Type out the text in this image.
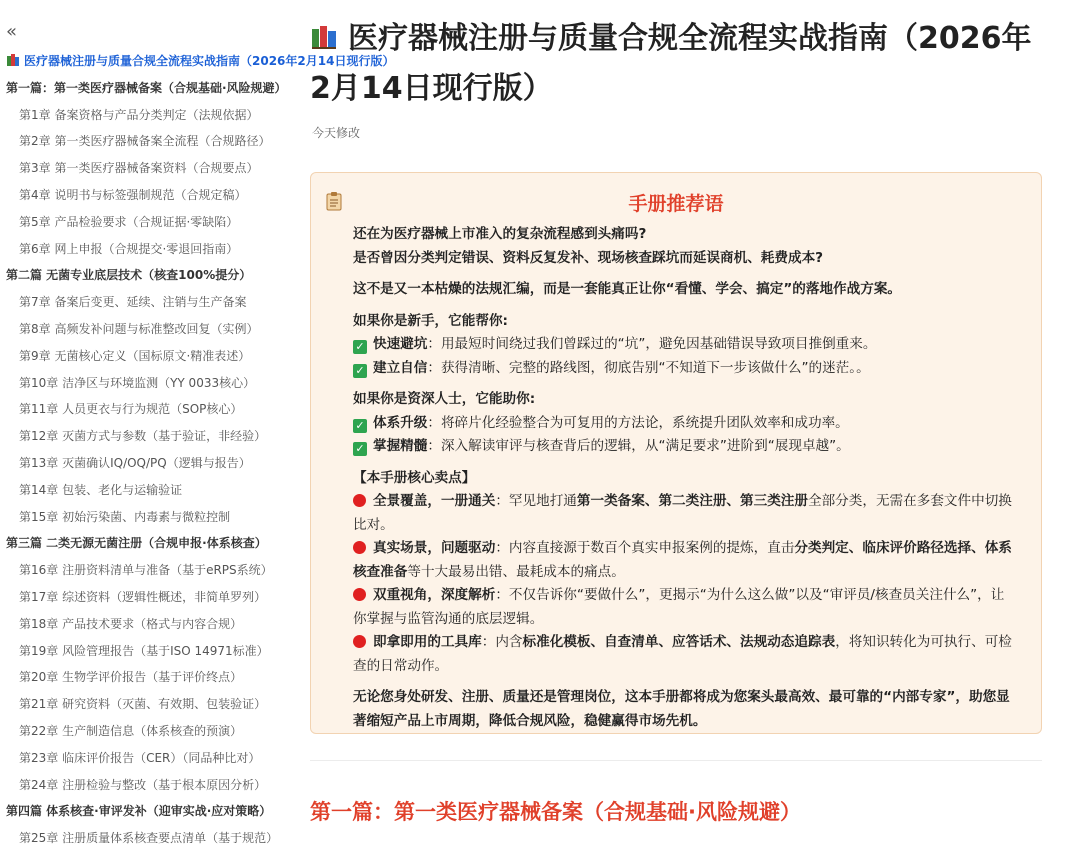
«
医疗器械注册与质量合规全流程实战指南（2026年2月14日现行版）
第一篇：第一类医疗器械备案（合规基础·风险规避）
第1章 备案资格与产品分类判定（法规依据）
第2章 第一类医疗器械备案全流程（合规路径）
第3章 第一类医疗器械备案资料（合规要点）
第4章 说明书与标签强制规范（合规定稿）
第5章 产品检验要求（合规证据·零缺陷）
第6章 网上申报（合规提交·零退回指南）
第二篇 无菌专业底层技术（核查100%提分）
第7章 备案后变更、延续、注销与生产备案
第8章 高频发补问题与标准整改回复（实例）
第9章 无菌核心定义（国标原文·精准表述）
第10章 洁净区与环境监测（YY 0033核心）
第11章 人员更衣与行为规范（SOP核心）
第12章 灭菌方式与参数（基于验证，非经验）
第13章 灭菌确认IQ/OQ/PQ（逻辑与报告）
第14章 包装、老化与运输验证
第15章 初始污染菌、内毒素与微粒控制
第三篇 二类无源无菌注册（合规申报·体系核查）
第16章 注册资料清单与准备（基于eRPS系统）
第17章 综述资料（逻辑性概述，非简单罗列）
第18章 产品技术要求（格式与内容合规）
第19章 风险管理报告（基于ISO 14971标准）
第20章 生物学评价报告（基于评价终点）
第21章 研究资料（灭菌、有效期、包装验证）
第22章 生产制造信息（体系核查的预演）
第23章 临床评价报告（CER）（同品种比对）
第24章 注册检验与整改（基于根本原因分析）
第四篇 体系核查·审评发补（迎审实战·应对策略）
第25章 注册质量体系核查要点清单（基于规范）
医疗器械注册与质量合规全流程实战指南（2026年2月14日现行版）
今天修改
手册推荐语

还在为医疗器械上市准入的复杂流程感到头痛吗?

是否曾因分类判定错误、资料反复发补、现场核查踩坑而延误商机、耗费成本?

这不是又一本枯燥的法规汇编，而是一套能真正让你“看懂、学会、搞定”的落地作战方案。

如果你是新手，它能帮你:

✓ 快速避坑：用最短时间绕过我们曾踩过的“坑”，避免因基础错误导致项目推倒重来。

✓ 建立自信：获得清晰、完整的路线图，彻底告别“不知道下一步该做什么”的迷茫。。

如果你是资深人士，它能助你:

✓ 体系升级：将碎片化经验整合为可复用的方法论，系统提升团队效率和成功率。

✓ 掌握精髓：深入解读审评与核查背后的逻辑，从“满足要求”进阶到“展现卓越”。

【本手册核心卖点】

全景覆盖，一册通关：罕见地打通第一类备案、第二类注册、第三类注册全部分类，无需在多套文件中切换比对。

真实场景，问题驱动：内容直接源于数百个真实申报案例的提炼，直击分类判定、临床评价路径选择、体系核查准备等十大最易出错、最耗成本的痛点。

双重视角，深度解析：不仅告诉你“要做什么”，更揭示“为什么这么做”以及“审评员/核查员关注什么”，让你掌握与监管沟通的底层逻辑。

即拿即用的工具库：内含标准化模板、自查清单、应答话术、法规动态追踪表，将知识转化为可执行、可检查的日常动作。

无论您身处研发、注册、质量还是管理岗位，这本手册都将成为您案头最高效、最可靠的“内部专家”，助您显著缩短产品上市周期，降低合规风险，稳健赢得市场先机。

第一篇：第一类医疗器械备案（合规基础·风险规避）
